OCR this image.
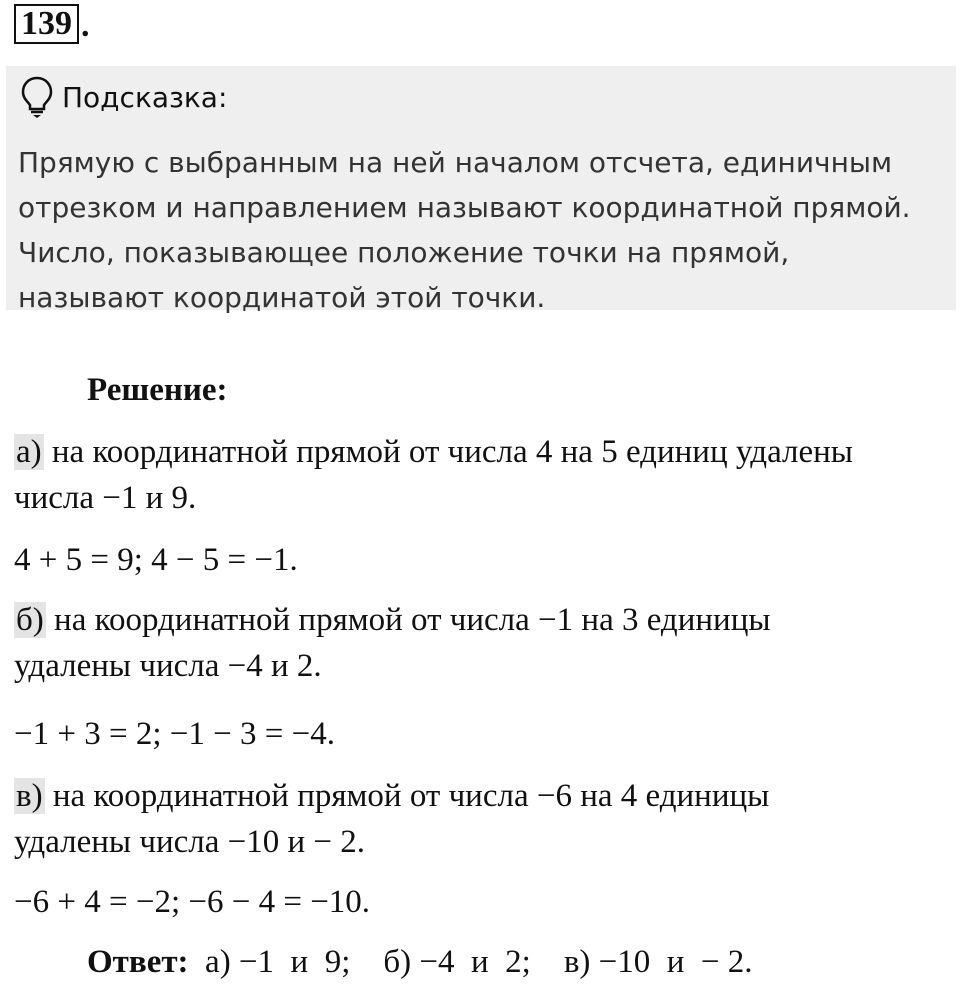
139 .
Подсказка:
Прямую с выбранным на ней началом отсчета, единичным
отрезком и направлением называют координатной прямой.
Число, показывающее положение точки на прямой,
называют координатой этой точки.
Решение:
а) на координатной прямой от числа 4 на 5 единиц удалены
числа −1 и 9.
4 + 5 = 9; 4 − 5 = −1.
б) на координатной прямой от числа −1 на 3 единицы
удалены числа −4 и 2.
−1 + 3 = 2; −1 − 3 = −4.
в) на координатной прямой от числа −6 на 4 единицы
удалены числа −10 и − 2.
−6 + 4 = −2; −6 − 4 = −10.
Ответ:  а) −1  и  9;    б) −4  и  2;    в) −10  и  − 2.
